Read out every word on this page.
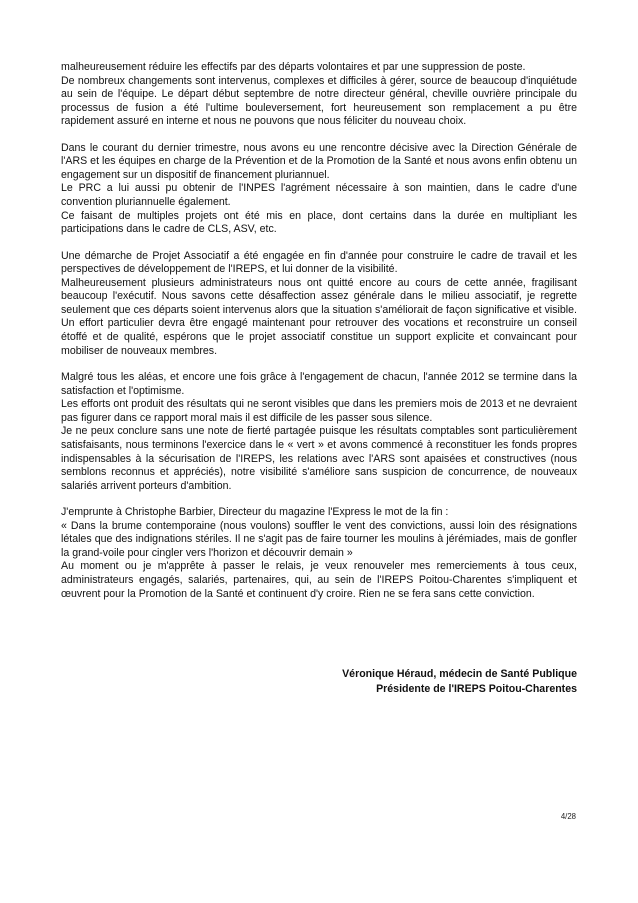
malheureusement réduire les effectifs par des départs volontaires et par une suppression de poste.

De nombreux changements sont intervenus, complexes et difficiles à gérer, source de beaucoup d'inquiétude au sein de l'équipe. Le départ début septembre de notre directeur général, cheville ouvrière principale du processus de fusion a été l'ultime bouleversement, fort heureusement son remplacement a pu être rapidement assuré en interne et nous ne pouvons que nous féliciter du nouveau choix.

Dans le courant du dernier trimestre, nous avons eu une rencontre décisive avec la Direction Générale de l'ARS et les équipes en charge de la Prévention et de la Promotion de la Santé et nous avons enfin obtenu un engagement sur un dispositif de financement pluriannuel.

Le PRC a lui aussi pu obtenir de l'INPES l'agrément nécessaire à son maintien, dans le cadre d'une convention pluriannuelle également.

Ce faisant de multiples projets ont été mis en place, dont certains dans la durée en multipliant les participations dans le cadre de CLS, ASV, etc.

Une démarche de Projet Associatif a été engagée en fin d'année pour construire le cadre de travail et les perspectives de développement de l'IREPS, et lui donner de la visibilité.

Malheureusement plusieurs administrateurs nous ont quitté encore au cours de cette année, fragilisant beaucoup l'exécutif. Nous savons cette désaffection assez générale dans le milieu associatif, je regrette seulement que ces départs soient intervenus alors que la situation s'améliorait de façon significative et visible. Un effort particulier devra être engagé maintenant pour retrouver des vocations et reconstruire un conseil étoffé et de qualité, espérons que le projet associatif constitue un support explicite et convaincant pour mobiliser de nouveaux membres.

Malgré tous les aléas, et encore une fois grâce à l'engagement de chacun, l'année 2012 se termine dans la satisfaction et l'optimisme.

Les efforts ont produit des résultats qui ne seront visibles que dans les premiers mois de 2013 et ne devraient pas figurer dans ce rapport moral mais il est difficile de les passer sous silence.

Je ne peux conclure sans une note de fierté partagée puisque les résultats comptables sont particulièrement satisfaisants, nous terminons l'exercice dans le « vert » et avons commencé à reconstituer les fonds propres indispensables à la sécurisation de l'IREPS, les relations avec l'ARS sont apaisées et constructives (nous semblons reconnus et appréciés), notre visibilité s'améliore sans suspicion de concurrence, de nouveaux salariés arrivent porteurs d'ambition.

J'emprunte à Christophe Barbier, Directeur du magazine l'Express le mot de la fin :

« Dans la brume contemporaine (nous voulons) souffler le vent des convictions, aussi loin des résignations létales que des indignations stériles. Il ne s'agit pas de faire tourner les moulins à jérémiades, mais de gonfler la grand-voile pour cingler vers l'horizon et découvrir demain »

Au moment ou je m'apprête à passer le relais, je veux renouveler mes remerciements à tous ceux, administrateurs engagés, salariés, partenaires, qui, au sein de l'IREPS Poitou-Charentes s'impliquent et œuvrent pour la Promotion de la Santé et continuent d'y croire. Rien ne se fera sans cette conviction.

Véronique Héraud, médecin de Santé Publique
Présidente de l'IREPS Poitou-Charentes
4/28
